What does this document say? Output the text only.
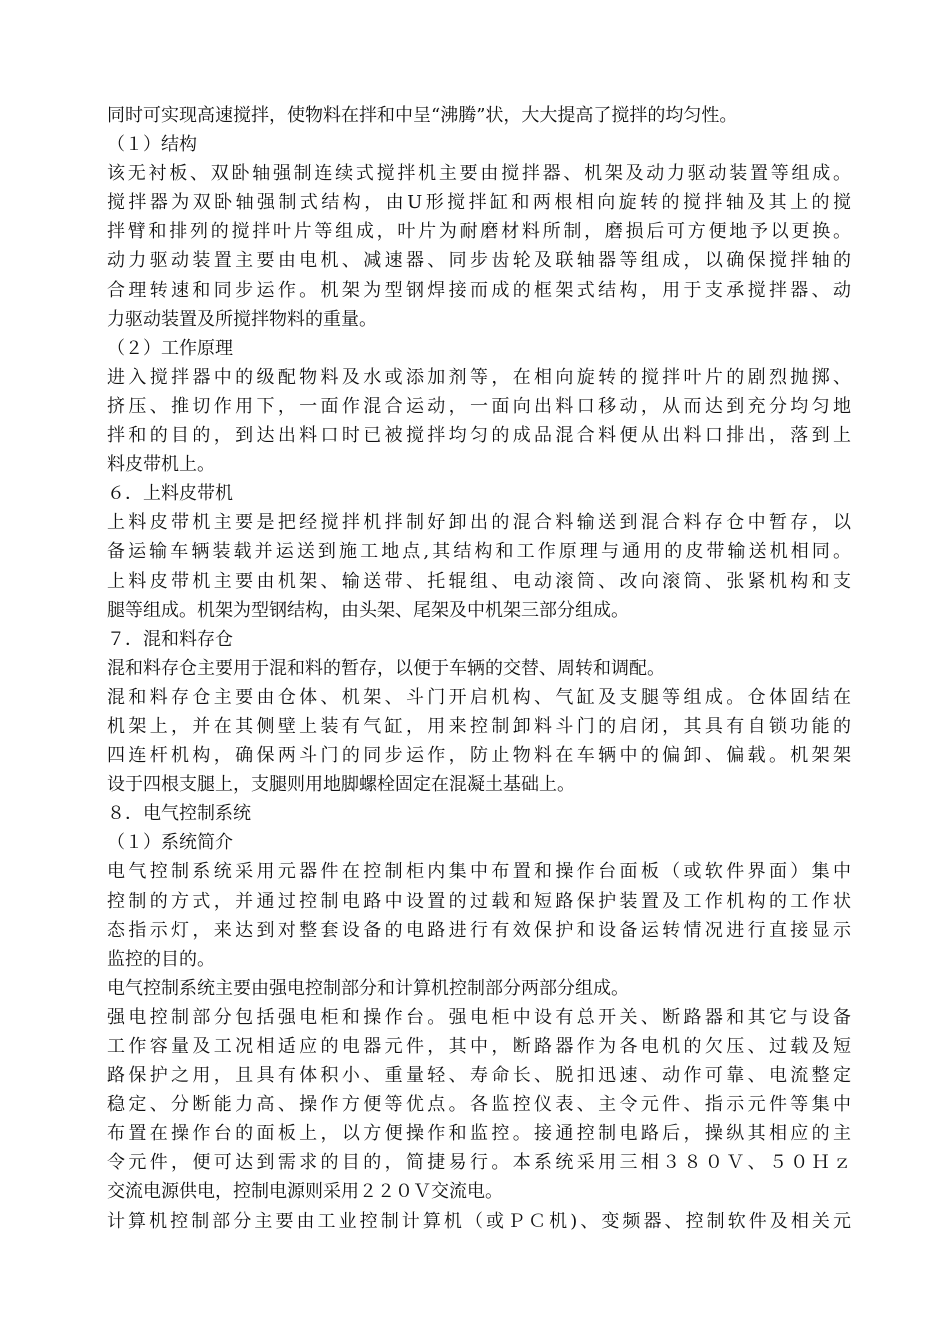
同时可实现高速搅拌，使物料在拌和中呈“沸腾”状，大大提高了搅拌的均匀性。
（１）结构
该无衬板、双卧轴强制连续式搅拌机主要由搅拌器、机架及动力驱动装置等组成。
搅拌器为双卧轴强制式结构，由U形搅拌缸和两根相向旋转的搅拌轴及其上的搅
拌臂和排列的搅拌叶片等组成，叶片为耐磨材料所制，磨损后可方便地予以更换。
动力驱动装置主要由电机、减速器、同步齿轮及联轴器等组成，以确保搅拌轴的
合理转速和同步运作。机架为型钢焊接而成的框架式结构，用于支承搅拌器、动
力驱动装置及所搅拌物料的重量。
（２）工作原理
进入搅拌器中的级配物料及水或添加剂等，在相向旋转的搅拌叶片的剧烈抛掷、
挤压、推切作用下，一面作混合运动，一面向出料口移动，从而达到充分均匀地
拌和的目的，到达出料口时已被搅拌均匀的成品混合料便从出料口排出，落到上
料皮带机上。
６．上料皮带机
上料皮带机主要是把经搅拌机拌制好卸出的混合料输送到混合料存仓中暂存，以
备运输车辆装载并运送到施工地点,其结构和工作原理与通用的皮带输送机相同。
上料皮带机主要由机架、输送带、托辊组、电动滚筒、改向滚筒、张紧机构和支
腿等组成。机架为型钢结构，由头架、尾架及中机架三部分组成。
７．混和料存仓
混和料存仓主要用于混和料的暂存，以便于车辆的交替、周转和调配。
混和料存仓主要由仓体、机架、斗门开启机构、气缸及支腿等组成。仓体固结在
机架上，并在其侧壁上装有气缸，用来控制卸料斗门的启闭，其具有自锁功能的
四连杆机构，确保两斗门的同步运作，防止物料在车辆中的偏卸、偏载。机架架
设于四根支腿上，支腿则用地脚螺栓固定在混凝土基础上。
８．电气控制系统
（１）系统简介
电气控制系统采用元器件在控制柜内集中布置和操作台面板（或软件界面）集中
控制的方式，并通过控制电路中设置的过载和短路保护装置及工作机构的工作状
态指示灯，来达到对整套设备的电路进行有效保护和设备运转情况进行直接显示
监控的目的。
电气控制系统主要由强电控制部分和计算机控制部分两部分组成。
强电控制部分包括强电柜和操作台。强电柜中设有总开关、断路器和其它与设备
工作容量及工况相适应的电器元件，其中，断路器作为各电机的欠压、过载及短
路保护之用，且具有体积小、重量轻、寿命长、脱扣迅速、动作可靠、电流整定
稳定、分断能力高、操作方便等优点。各监控仪表、主令元件、指示元件等集中
布置在操作台的面板上，以方便操作和监控。接通控制电路后，操纵其相应的主
令元件，便可达到需求的目的，简捷易行。本系统采用三相３８０Ｖ、５０Ｈｚ
交流电源供电，控制电源则采用２２０Ｖ交流电。
计算机控制部分主要由工业控制计算机（或ＰＣ机)、变频器、控制软件及相关元
